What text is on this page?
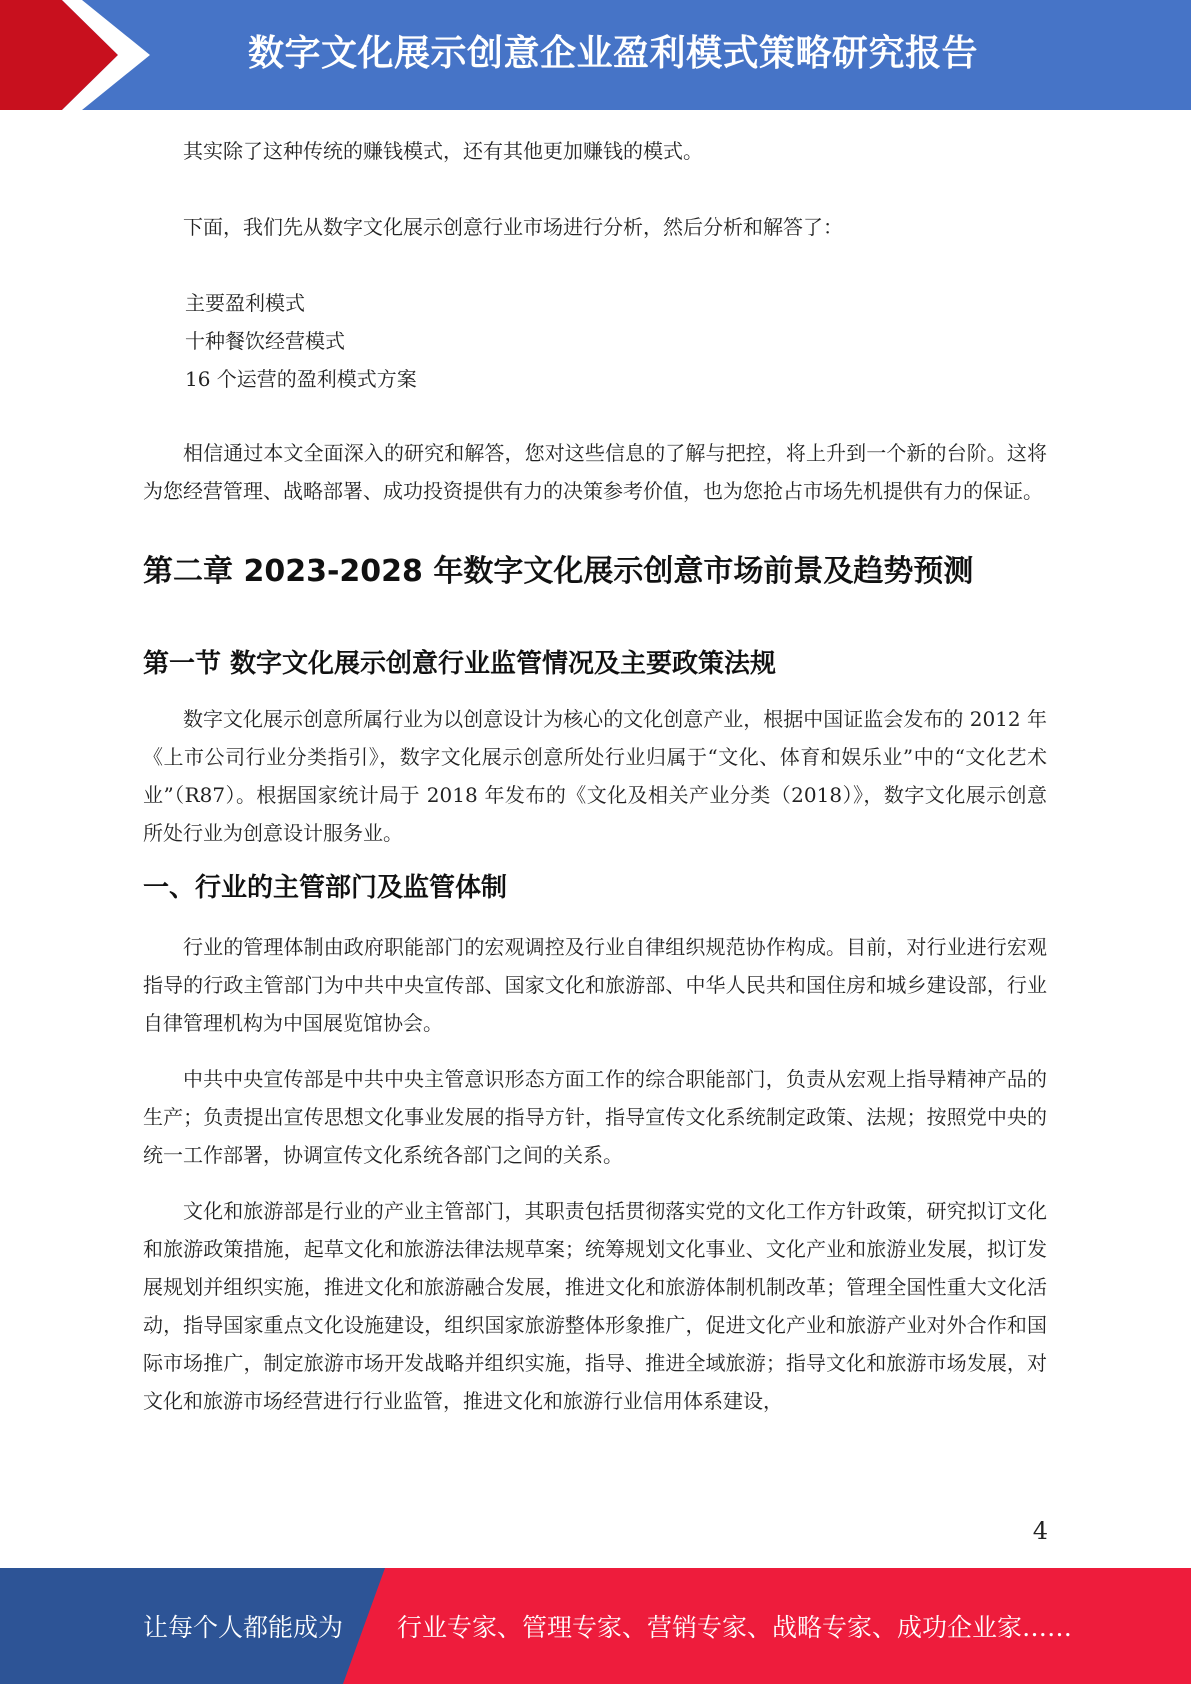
数字文化展示创意企业盈利模式策略研究报告

其实除了这种传统的赚钱模式，还有其他更加赚钱的模式。

下面，我们先从数字文化展示创意行业市场进行分析，然后分析和解答了：

主要盈利模式
十种餐饮经营模式
16 个运营的盈利模式方案

相信通过本文全面深入的研究和解答，您对这些信息的了解与把控，将上升到一个新的台阶。这将为您经营管理、战略部署、成功投资提供有力的决策参考价值，也为您抢占市场先机提供有力的保证。

第二章 2023-2028 年数字文化展示创意市场前景及趋势预测
第一节 数字文化展示创意行业监管情况及主要政策法规

数字文化展示创意所属行业为以创意设计为核心的文化创意产业，根据中国证监会发布的 2012 年《上市公司行业分类指引》，数字文化展示创意所处行业归属于“文化、体育和娱乐业”中的“文化艺术业”（R87）。根据国家统计局于 2018 年发布的《文化及相关产业分类（2018）》，数字文化展示创意所处行业为创意设计服务业。

一、行业的主管部门及监管体制

行业的管理体制由政府职能部门的宏观调控及行业自律组织规范协作构成。目前，对行业进行宏观指导的行政主管部门为中共中央宣传部、国家文化和旅游部、中华人民共和国住房和城乡建设部，行业自律管理机构为中国展览馆协会。

中共中央宣传部是中共中央主管意识形态方面工作的综合职能部门，负责从宏观上指导精神产品的生产；负责提出宣传思想文化事业发展的指导方针，指导宣传文化系统制定政策、法规；按照党中央的统一工作部署，协调宣传文化系统各部门之间的关系。

文化和旅游部是行业的产业主管部门，其职责包括贯彻落实党的文化工作方针政策，研究拟订文化和旅游政策措施，起草文化和旅游法律法规草案；统筹规划文化事业、文化产业和旅游业发展，拟订发展规划并组织实施，推进文化和旅游融合发展，推进文化和旅游体制机制改革；管理全国性重大文化活动，指导国家重点文化设施建设，组织国家旅游整体形象推广，促进文化产业和旅游产业对外合作和国际市场推广，制定旅游市场开发战略并组织实施，指导、推进全域旅游；指导文化和旅游市场发展，对文化和旅游市场经营进行行业监管，推进文化和旅游行业信用体系建设，

4
让每个人都能成为 行业专家、管理专家、营销专家、战略专家、成功企业家……
